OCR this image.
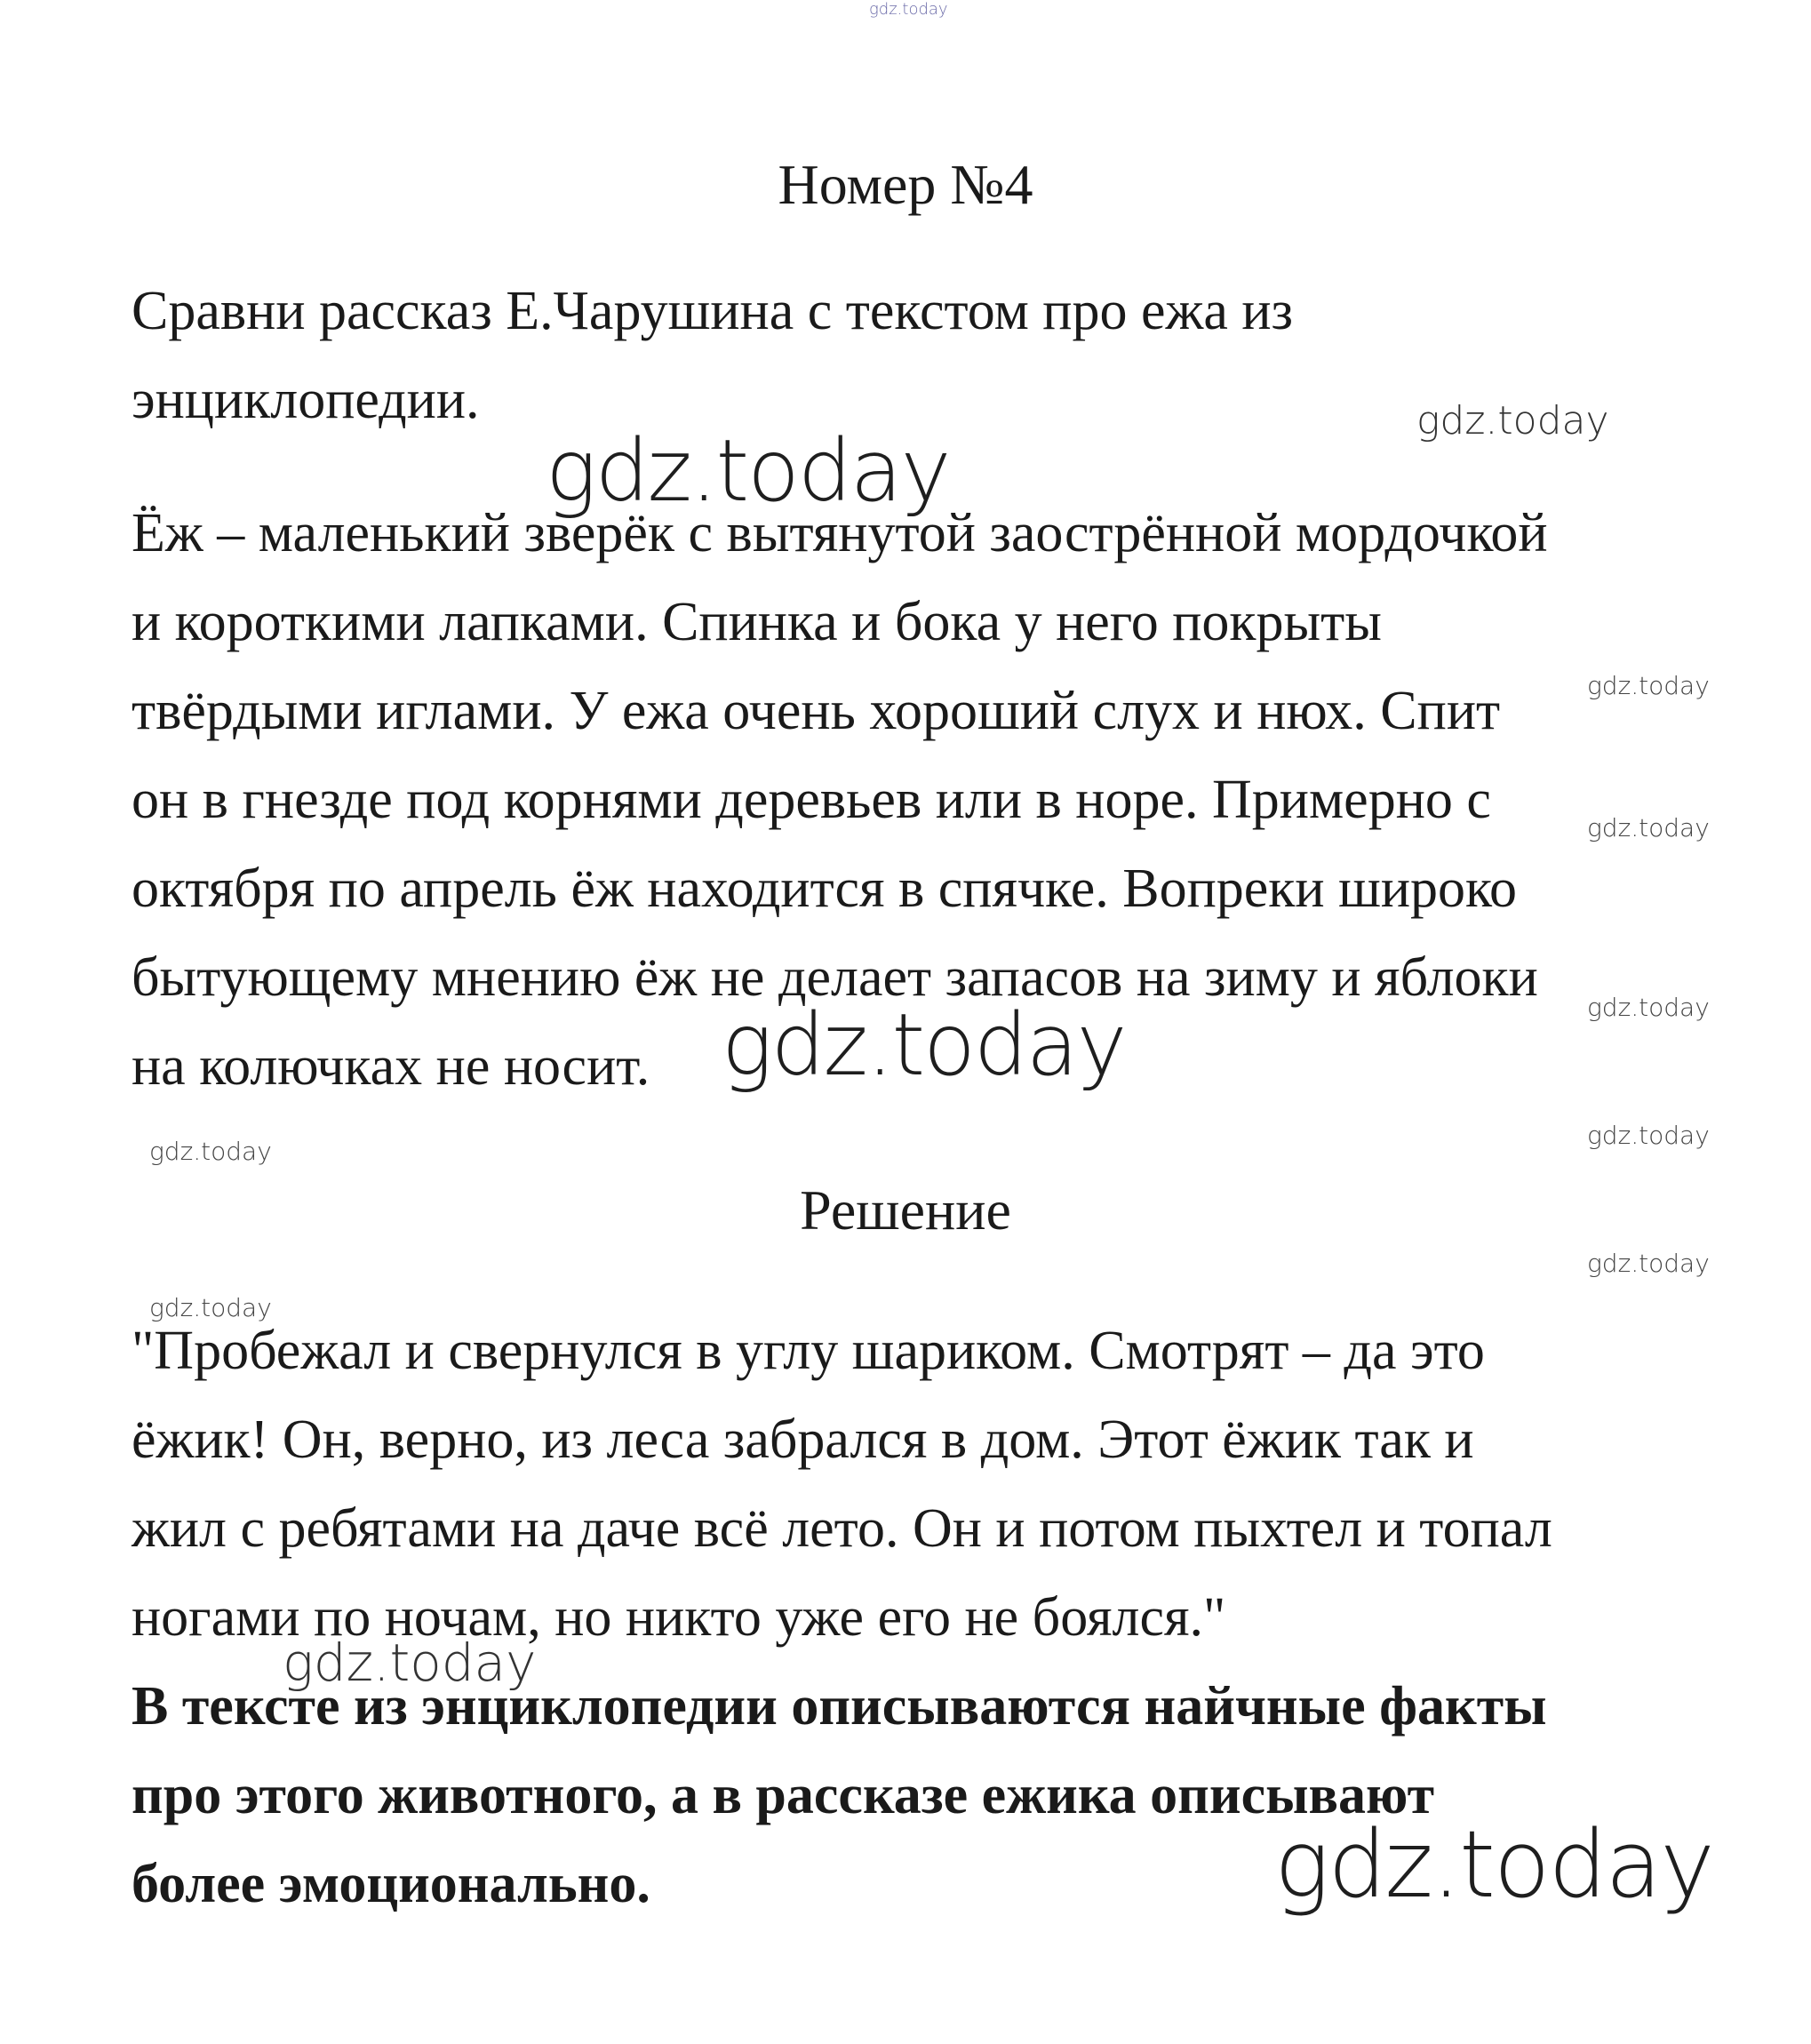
gdz.today
gdz.today
gdz.today
gdz.today
gdz.today
gdz.today
gdz.today
gdz.today
gdz.today
gdz.today
gdz.today
gdz.today
gdz.today
Номер №4
Сравни рассказ Е.Чарушина с текстом про ежа из
энциклопедии.
Ёж – маленький зверёк с вытянутой заострённой мордочкой
и короткими лапками. Спинка и бока у него покрыты
твёрдыми иглами. У ежа очень хороший слух и нюх. Спит
он в гнезде под корнями деревьев или в норе. Примерно с
октября по апрель ёж находится в спячке. Вопреки широко
бытующему мнению ёж не делает запасов на зиму и яблоки
на колючках не носит.
Решение
"Пробежал и свернулся в углу шариком. Смотрят – да это
ёжик! Он, верно, из леса забрался в дом. Этот ёжик так и
жил с ребятами на даче всё лето. Он и потом пыхтел и топал
ногами по ночам, но никто уже его не боялся."
В тексте из энциклопедии описываются найчные факты
про этого животного, а в рассказе ежика описывают
более эмоционально.
